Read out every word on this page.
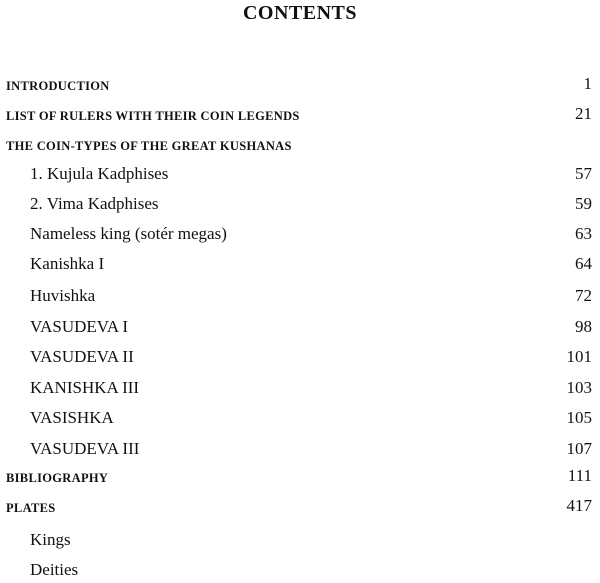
CONTENTS
INTRODUCTION	1
LIST OF RULERS WITH THEIR COIN LEGENDS	21
THE COIN-TYPES OF THE GREAT KUSHANAS
1. Kujula Kadphises	57
2. Vima Kadphises	59
Nameless king (sotér megas)	63
Kanishka I	64
Huvishka	72
VASUDEVA I	98
VASUDEVA II	101
KANISHKA III	103
VASISHKA	105
VASUDEVA III	107
BIBLIOGRAPHY	111
PLATES	417
Kings
Deities
